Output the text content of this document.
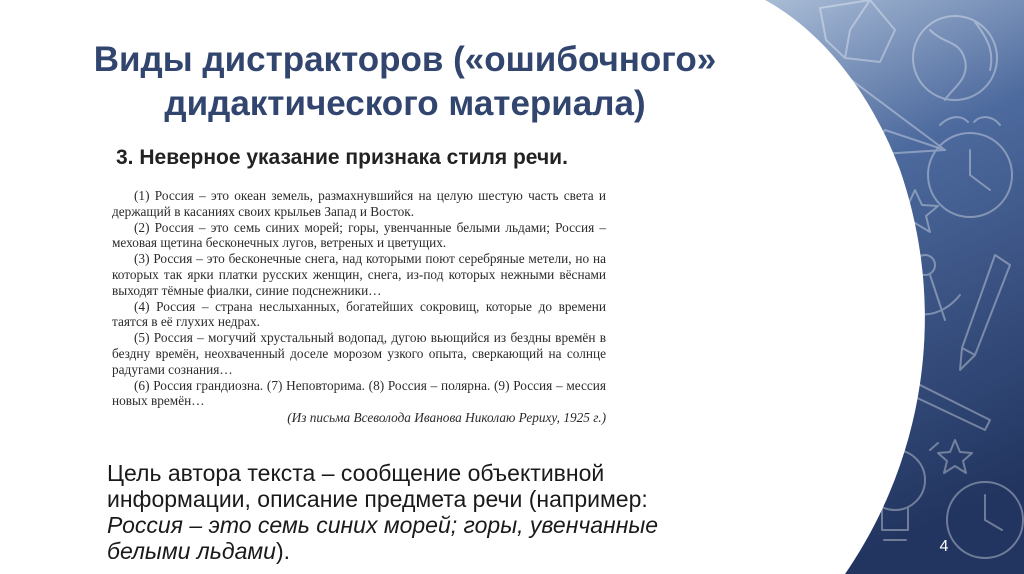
Виды дистракторов («ошибочного» дидактического материала)
3. Неверное указание признака стиля речи.

(1) Россия – это океан земель, размахнувшийся на целую шестую часть света и держащий в касаниях своих крыльев Запад и Восток.

(2) Россия – это семь синих морей; горы, увенчанные белыми льдами; Россия – меховая щетина бесконечных лугов, ветреных и цветущих.

(3) Россия – это бесконечные снега, над которыми поют серебряные метели, но на которых так ярки платки русских женщин, снега, из-под которых нежными вёснами выходят тёмные фиалки, синие подснежники…

(4) Россия – страна неслыханных, богатейших сокровищ, которые до времени таятся в её глухих недрах.

(5) Россия – могучий хрустальный водопад, дугою вьющийся из бездны времён в бездну времён, неохваченный доселе морозом узкого опыта, сверкающий на солнце радугами сознания…

(6) Россия грандиозна. (7) Неповторима. (8) Россия – полярна. (9) Россия – мессия новых времён…

(Из письма Всеволода Иванова Николаю Рериху, 1925 г.)

Цель автора текста – сообщение объективной информации, описание предмета речи (например: Россия – это семь синих морей; горы, увенчанные белыми льдами).	4
